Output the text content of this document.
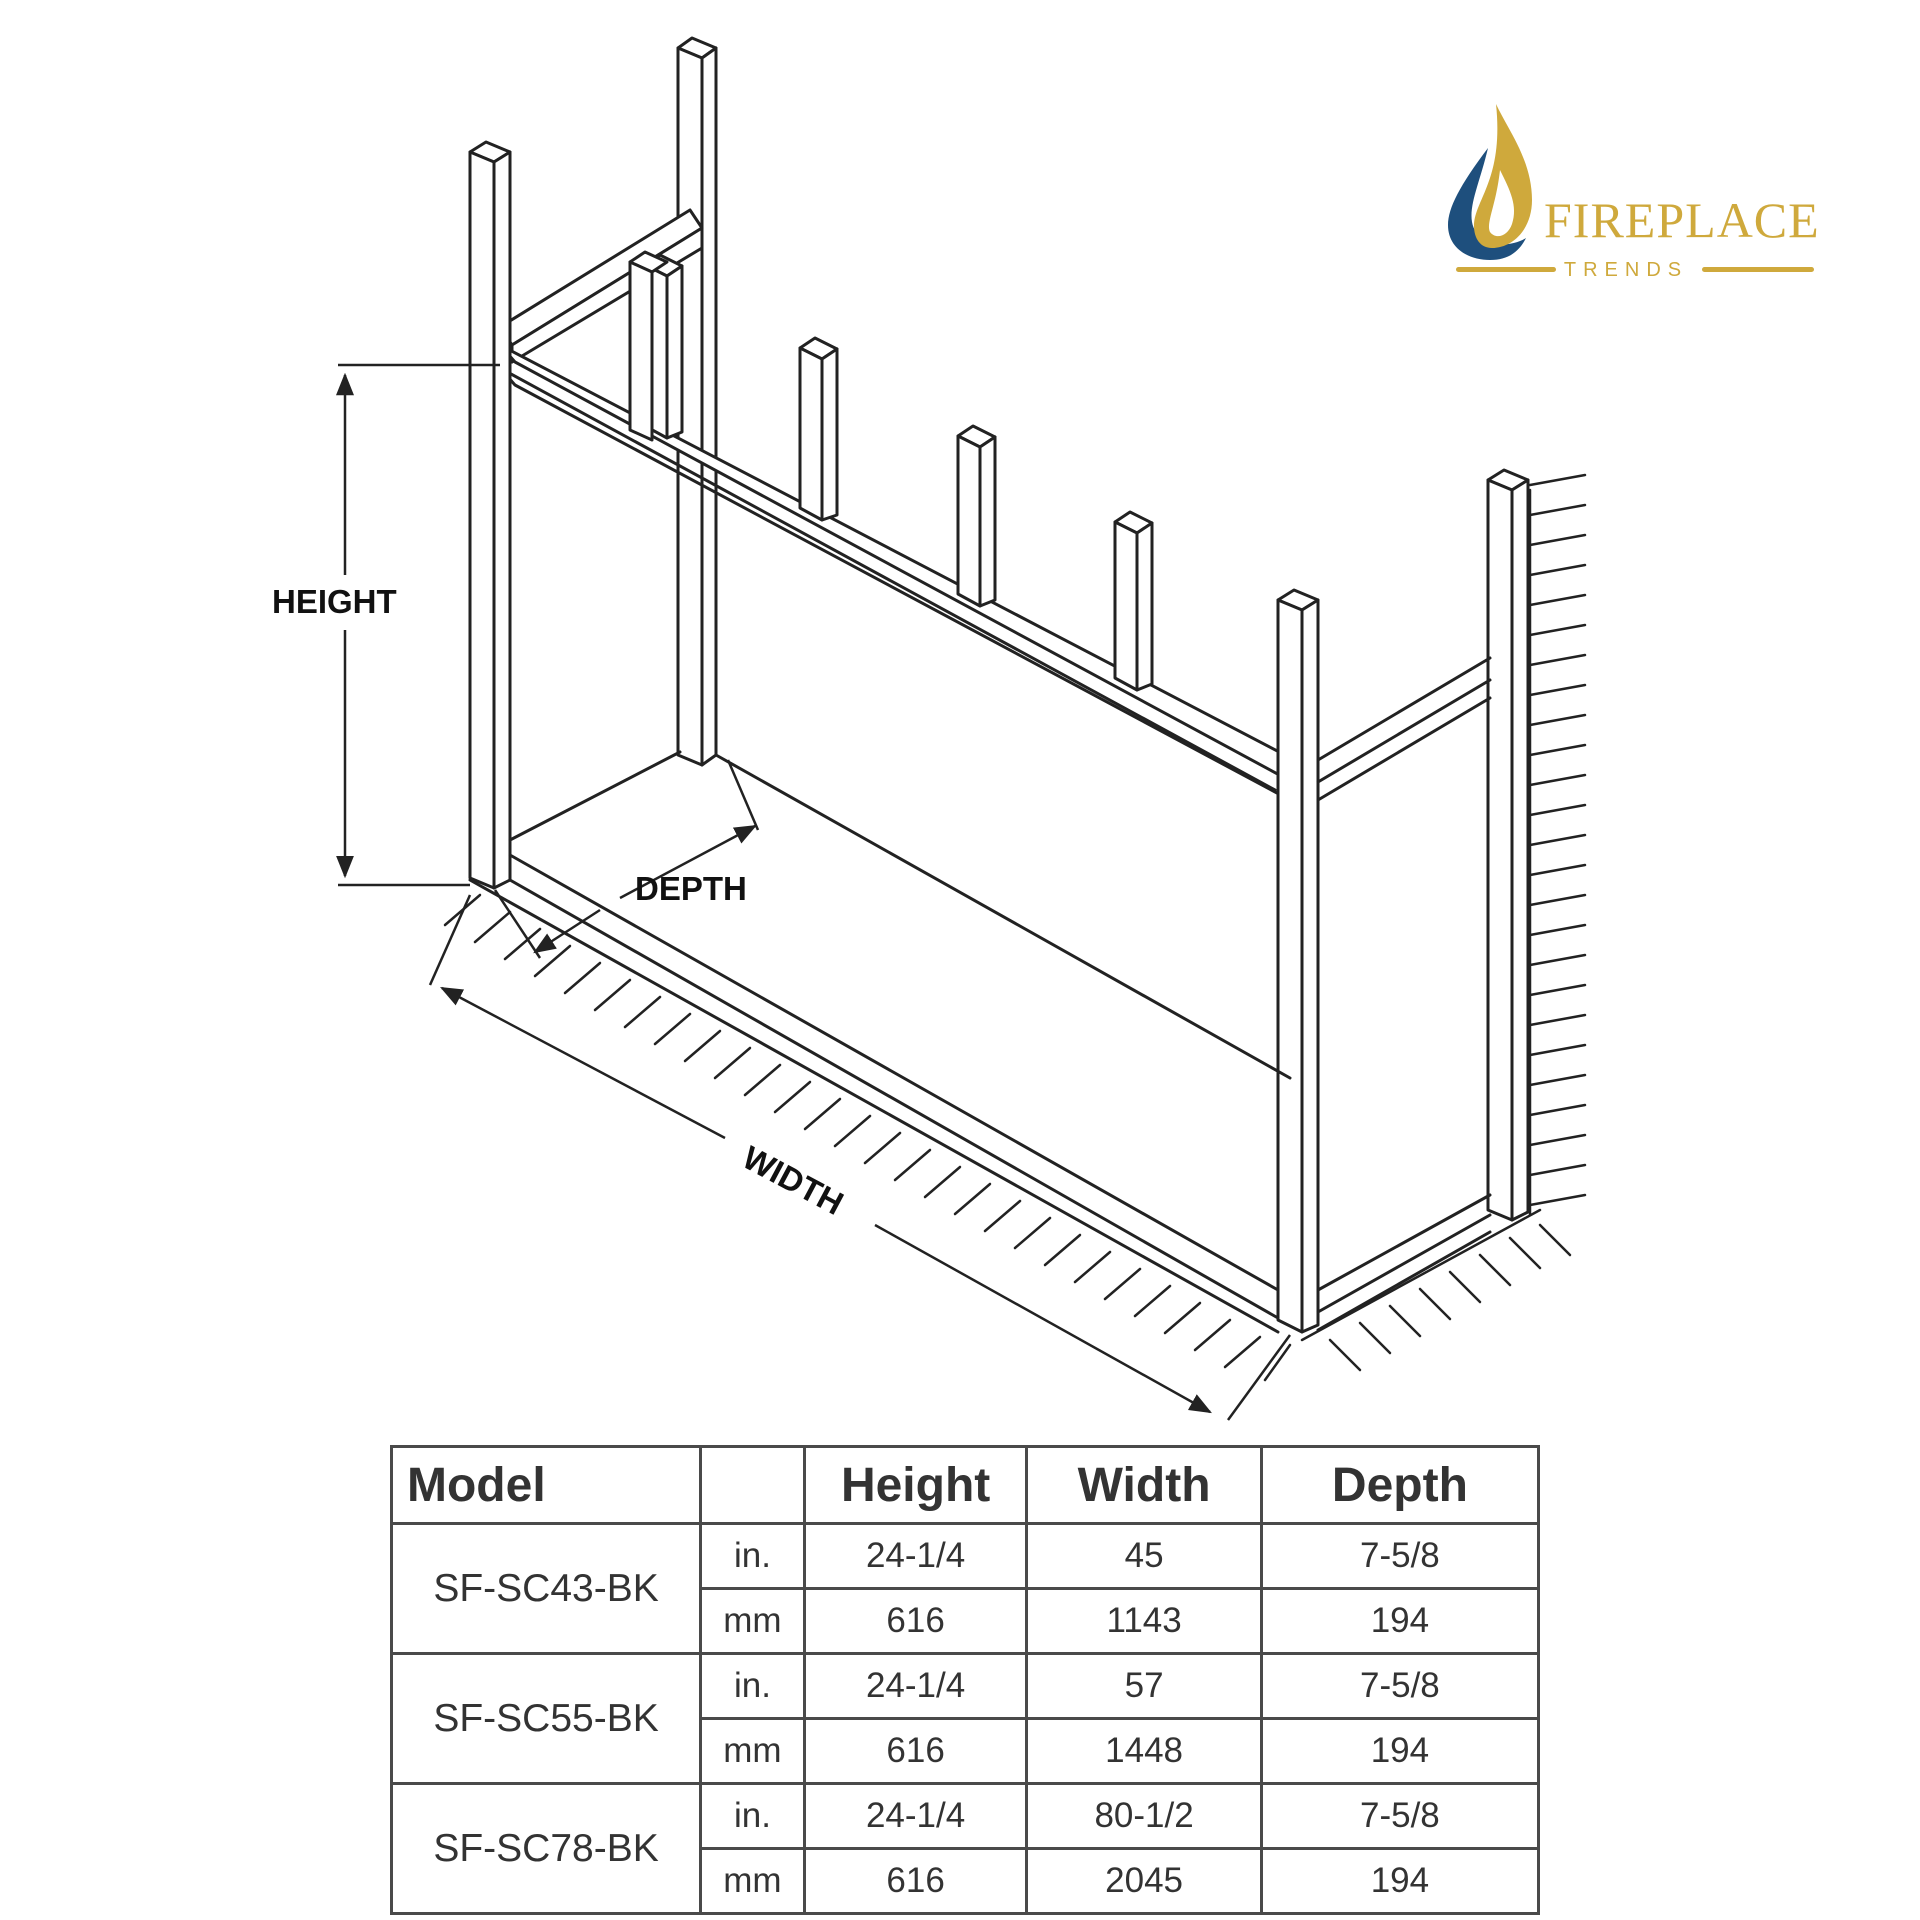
HEIGHT
DEPTH
WIDTH
FIREPLACE
TRENDS
Model		Height	Width	Depth
SF-SC43-BK	in.	24-1/4	45	7-5/8
	mm	616	1143	194
SF-SC55-BK	in.	24-1/4	57	7-5/8
	mm	616	1448	194
SF-SC78-BK	in.	24-1/4	80-1/2	7-5/8
	mm	616	2045	194
